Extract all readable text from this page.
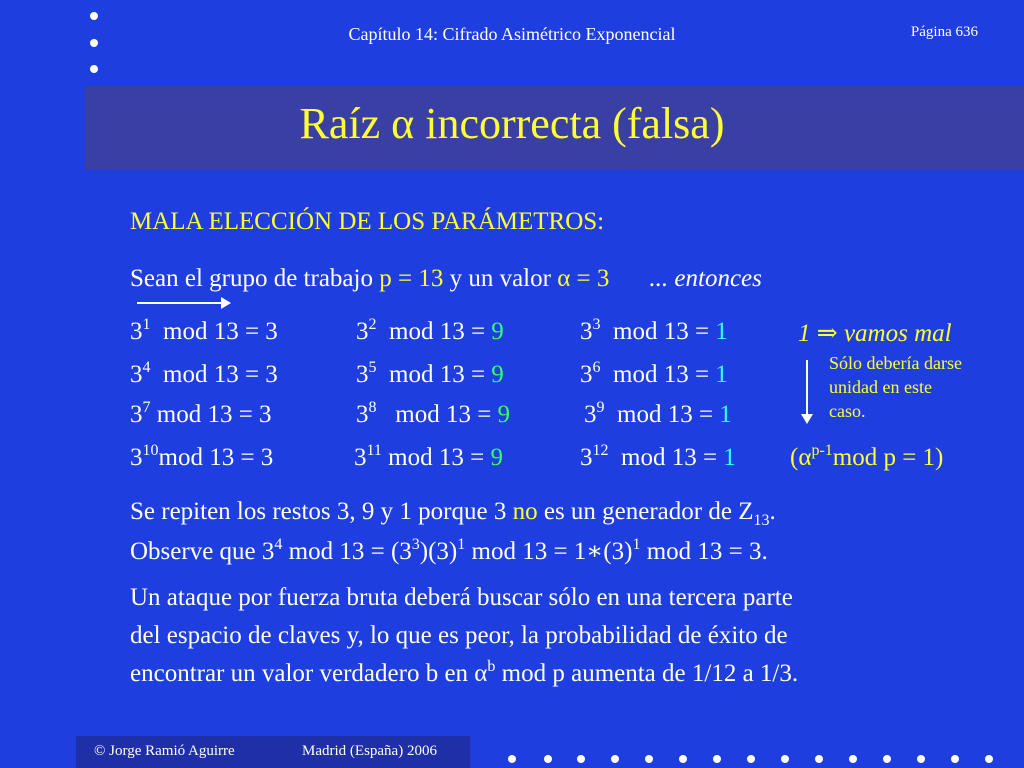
Capítulo 14: Cifrado Asimétrico Exponencial	Página 636
Raíz α incorrecta (falsa)
MALA ELECCIÓN DE LOS PARÁMETROS:
Sean el grupo de trabajo p = 13 y un valor α = 3 ... entonces
$3^1$ mod 13 = 3	$3^2$ mod 13 = 9	$3^3$ mod 13 = 1
$3^4$ mod 13 = 3	$3^5$ mod 13 = 9	$3^6$ mod 13 = 1
$3^7$ mod 13 = 3	$3^8$ mod 13 = 9	$3^9$ mod 13 = 1
$3^{10}mod$ 13 = 3	$3^{11}$ mod 13 = 9	$3^{12}$ mod 13 = 1
1 ⇒ vamos mal
Sólo debería darse unidad en este caso.
($\alpha^{p-1}mod$ p = 1)
Se repiten los restos 3, 9 y 1 porque 3 no es un generador de $Z_{13}$.
Observe que $3^4$ mod $13 = (3^3)(3)^1$ mod $13 = 1∗(3)^1$ mod 13 = 3.
Un ataque por fuerza bruta deberá buscar sólo en una tercera parte
del espacio de claves y, lo que es peor, la probabilidad de éxito de
encontrar un valor verdadero b en $\alpha^b$ mod p aumenta de 1/12 a 1/3.
© Jorge Ramió Aguirre	Madrid (España) 2006
